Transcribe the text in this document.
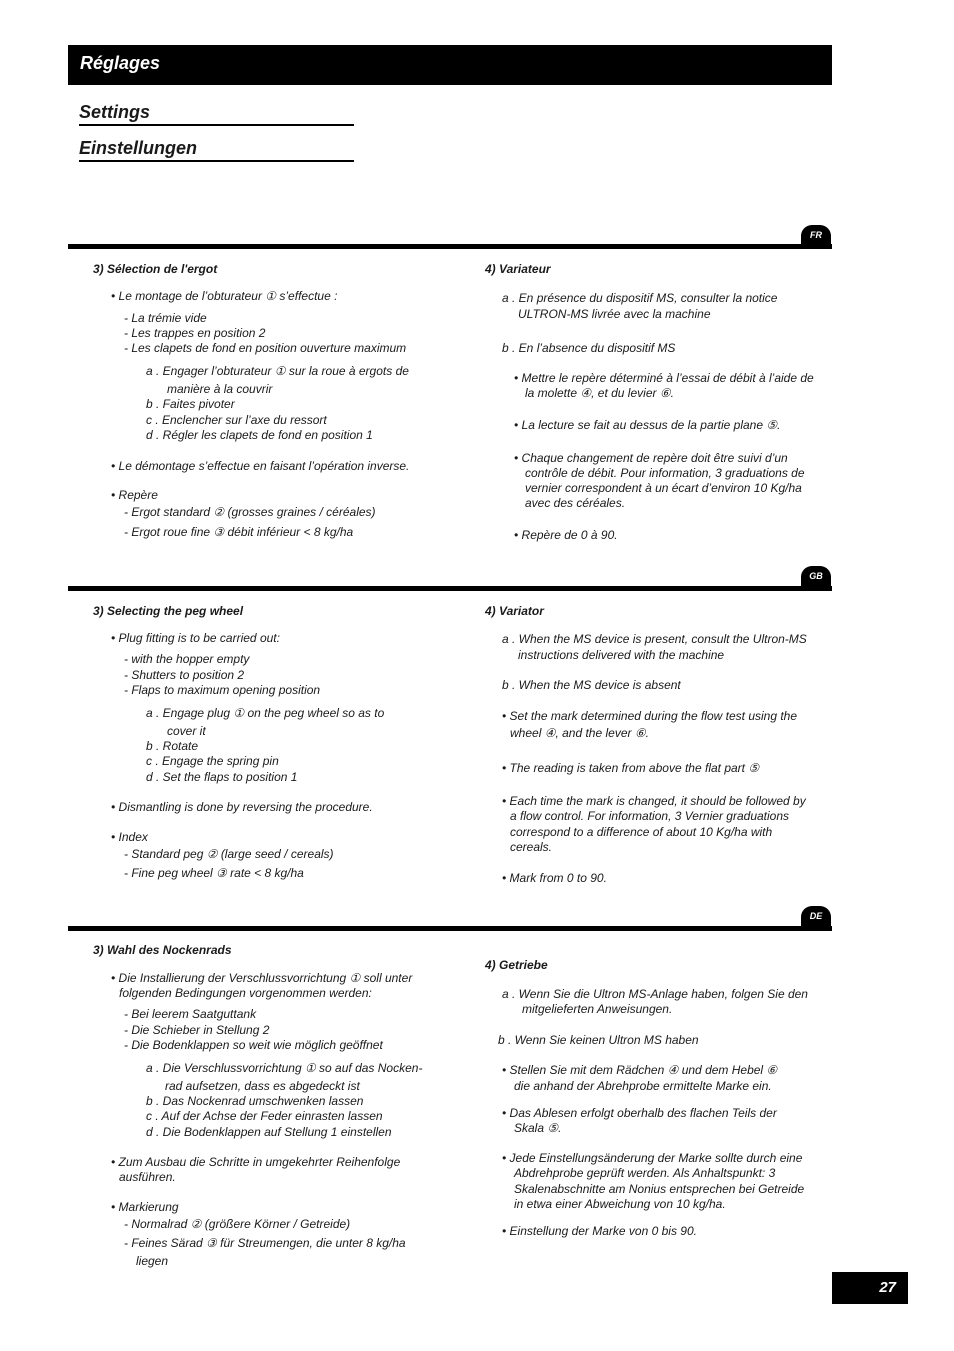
Réglages
Settings
Einstellungen
FR
3) Sélection de l'ergot
• Le montage de l’obturateur ① s’effectue :
- La trémie vide
- Les trappes en position 2
- Les clapets de fond en position ouverture maximum
a . Engager l’obturateur ① sur la roue à ergots de
manière à la couvrir
b . Faites pivoter
c . Enclencher sur l’axe du ressort
d . Régler les clapets de fond en position 1
• Le démontage s’effectue en faisant l’opération inverse.
• Repère
- Ergot standard ② (grosses graines / céréales)
- Ergot roue fine ③ débit inférieur < 8 kg/ha
4) Variateur
a . En présence du dispositif MS, consulter la notice
ULTRON-MS livrée avec la machine
b . En l’absence du dispositif MS
• Mettre le repère déterminé à l’essai de débit à l’aide de
la molette ④, et du levier ⑥.
• La lecture se fait au dessus de la partie plane ⑤.
• Chaque changement de repère doit être suivi d’un
contrôle de débit. Pour information, 3 graduations de
vernier correspondent à un écart d’environ 10 Kg/ha
avec des céréales.
• Repère de 0 à 90.
GB
3) Selecting the peg wheel
• Plug fitting is to be carried out:
- with the hopper empty
- Shutters to position 2
- Flaps to maximum opening position
a . Engage plug ① on the peg wheel so as to
cover it
b . Rotate
c . Engage the spring pin
d . Set the flaps to position 1
• Dismantling is done by reversing the procedure.
• Index
- Standard peg ② (large seed / cereals)
- Fine peg wheel ③ rate < 8 kg/ha
4) Variator
a . When the MS device is present, consult the Ultron-MS
instructions delivered with the machine
b . When the MS device is absent
• Set the mark determined during the flow test using the
wheel ④, and the lever ⑥.
• The reading is taken from above the flat part ⑤
• Each time the mark is changed, it should be followed by
a flow control. For information, 3 Vernier graduations
correspond to a difference of about 10 Kg/ha with
cereals.
• Mark from 0 to 90.
DE
3) Wahl des Nockenrads
• Die Installierung der Verschlussvorrichtung ① soll unter
folgenden Bedingungen vorgenommen werden:
- Bei leerem Saatguttank
- Die Schieber in Stellung 2
- Die Bodenklappen so weit wie möglich geöffnet
a . Die Verschlussvorrichtung ① so auf das Nocken-
rad aufsetzen, dass es abgedeckt ist
b . Das Nockenrad umschwenken lassen
c . Auf der Achse der Feder einrasten lassen
d . Die Bodenklappen auf Stellung 1 einstellen
• Zum Ausbau die Schritte in umgekehrter Reihenfolge
ausführen.
• Markierung
- Normalrad ② (größere Körner / Getreide)
- Feines Särad ③ für Streumengen, die unter 8 kg/ha
liegen
4) Getriebe
a . Wenn Sie die Ultron MS-Anlage haben, folgen Sie den
mitgelieferten Anweisungen.
b . Wenn Sie keinen Ultron MS haben
• Stellen Sie mit dem Rädchen ④ und dem Hebel ⑥
die anhand der Abrehprobe ermittelte Marke ein.
• Das Ablesen erfolgt oberhalb des flachen Teils der
Skala ⑤.
• Jede Einstellungsänderung der Marke sollte durch eine
Abdrehprobe geprüft werden. Als Anhaltspunkt: 3
Skalenabschnitte am Nonius entsprechen bei Getreide
in etwa einer Abweichung von 10 kg/ha.
• Einstellung der Marke von 0 bis 90.
27
